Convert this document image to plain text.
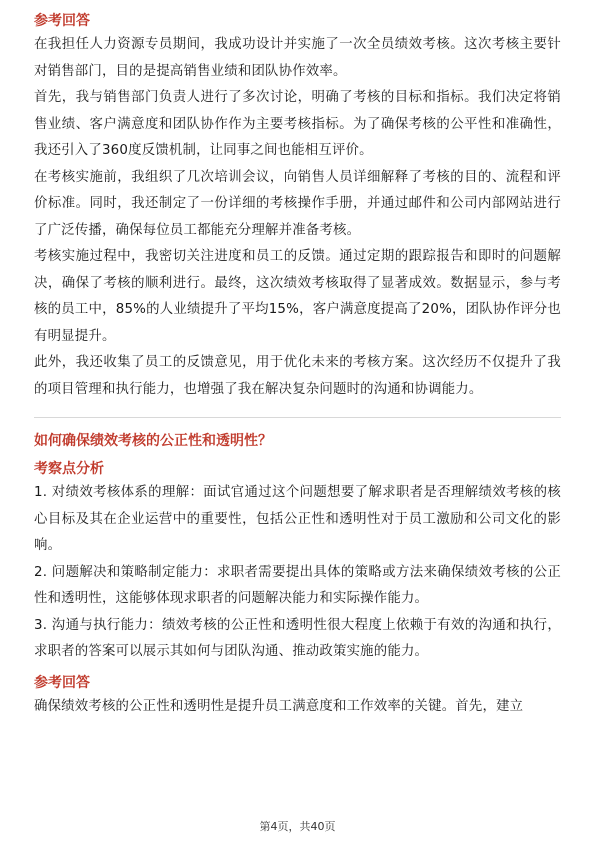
参考回答

在我担任人力资源专员期间，我成功设计并实施了一次全员绩效考核。这次考核主要针对销售部门，目的是提高销售业绩和团队协作效率。

首先，我与销售部门负责人进行了多次讨论，明确了考核的目标和指标。我们决定将销售业绩、客户满意度和团队协作作为主要考核指标。为了确保考核的公平性和准确性，我还引入了360度反馈机制，让同事之间也能相互评价。

在考核实施前，我组织了几次培训会议，向销售人员详细解释了考核的目的、流程和评价标准。同时，我还制定了一份详细的考核操作手册，并通过邮件和公司内部网站进行了广泛传播，确保每位员工都能充分理解并准备考核。

考核实施过程中，我密切关注进度和员工的反馈。通过定期的跟踪报告和即时的问题解决，确保了考核的顺利进行。最终，这次绩效考核取得了显著成效。数据显示，参与考核的员工中，85%的人业绩提升了平均15%，客户满意度提高了20%，团队协作评分也有明显提升。

此外，我还收集了员工的反馈意见，用于优化未来的考核方案。这次经历不仅提升了我的项目管理和执行能力，也增强了我在解决复杂问题时的沟通和协调能力。

如何确保绩效考核的公正性和透明性？
考察点分析

1. 对绩效考核体系的理解：面试官通过这个问题想要了解求职者是否理解绩效考核的核心目标及其在企业运营中的重要性，包括公正性和透明性对于员工激励和公司文化的影响。

2. 问题解决和策略制定能力：求职者需要提出具体的策略或方法来确保绩效考核的公正性和透明性，这能够体现求职者的问题解决能力和实际操作能力。

3. 沟通与执行能力：绩效考核的公正性和透明性很大程度上依赖于有效的沟通和执行，求职者的答案可以展示其如何与团队沟通、推动政策实施的能力。

参考回答

确保绩效考核的公正性和透明性是提升员工满意度和工作效率的关键。首先，建立

第4页，共40页
